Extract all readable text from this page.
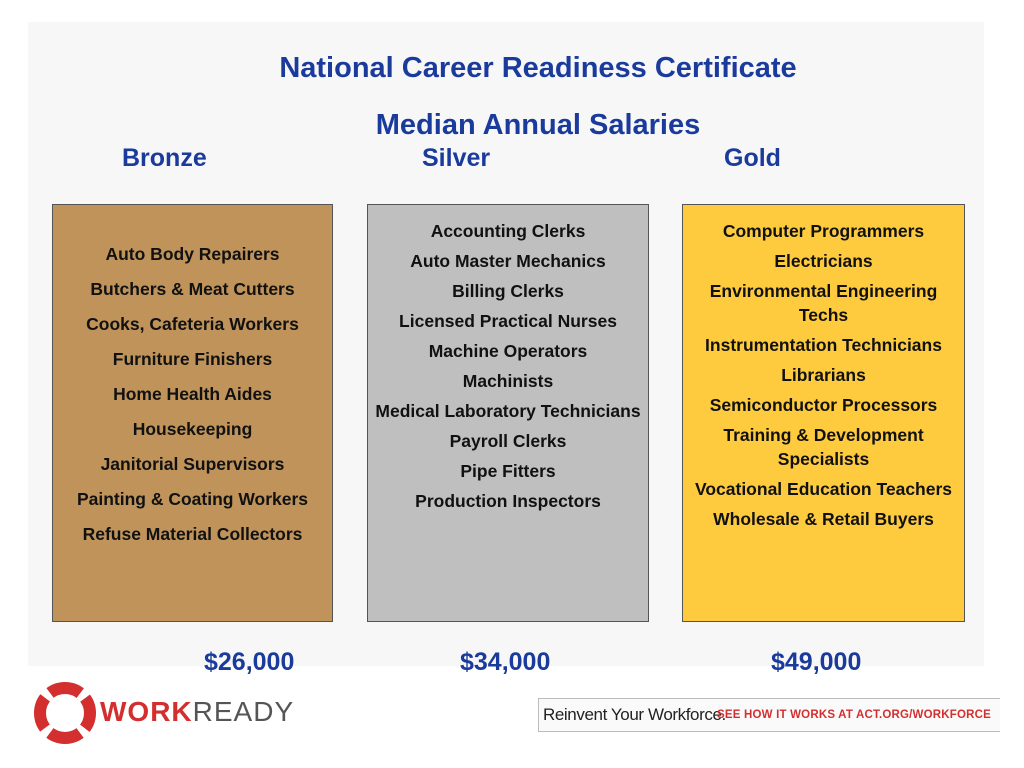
National Career Readiness Certificate
Median Annual Salaries
Bronze	Silver	Gold
Auto Body Repairers
Butchers & Meat Cutters
Cooks, Cafeteria Workers
Furniture Finishers
Home Health Aides
Housekeeping
Janitorial Supervisors
Painting & Coating Workers
Refuse Material Collectors
Accounting Clerks
Auto Master Mechanics
Billing Clerks
Licensed Practical Nurses
Machine Operators
Machinists
Medical Laboratory Technicians
Payroll Clerks
Pipe Fitters
Production Inspectors
Computer Programmers
Electricians
Environmental Engineering Techs
Instrumentation Technicians
Librarians
Semiconductor Processors
Training & Development Specialists
Vocational Education Teachers
Wholesale & Retail Buyers
$26,000	$34,000	$49,000
WORKREADY	Reinvent Your Workforce.
SEE HOW IT WORKS AT ACT.ORG/WORKFORCE
